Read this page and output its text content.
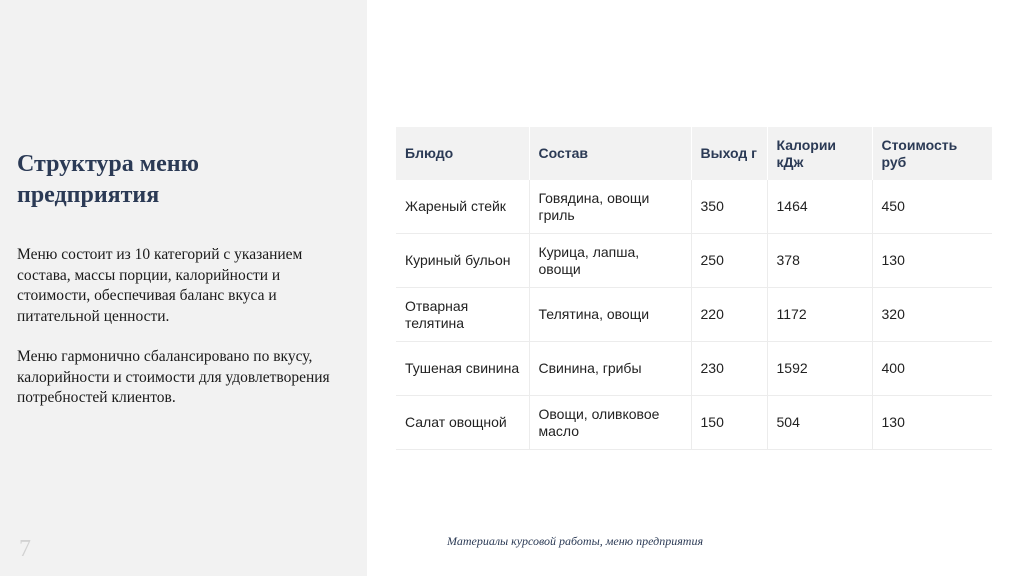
Структура меню предприятия
Меню состоит из 10 категорий с указанием состава, массы порции, калорийности и стоимости, обеспечивая баланс вкуса и питательной ценности.
Меню гармонично сбалансировано по вкусу, калорийности и стоимости для удовлетворения потребностей клиентов.
7
Блюдо	Состав	Выход г	Калории кДж	Стоимость руб
Жареный стейк	Говядина, овощи гриль	350	1464	450
Куриный бульон	Курица, лапша, овощи	250	378	130
Отварная телятина	Телятина, овощи	220	1172	320
Тушеная свинина	Свинина, грибы	230	1592	400
Салат овощной	Овощи, оливковое масло	150	504	130
Материалы курсовой работы, меню предприятия
